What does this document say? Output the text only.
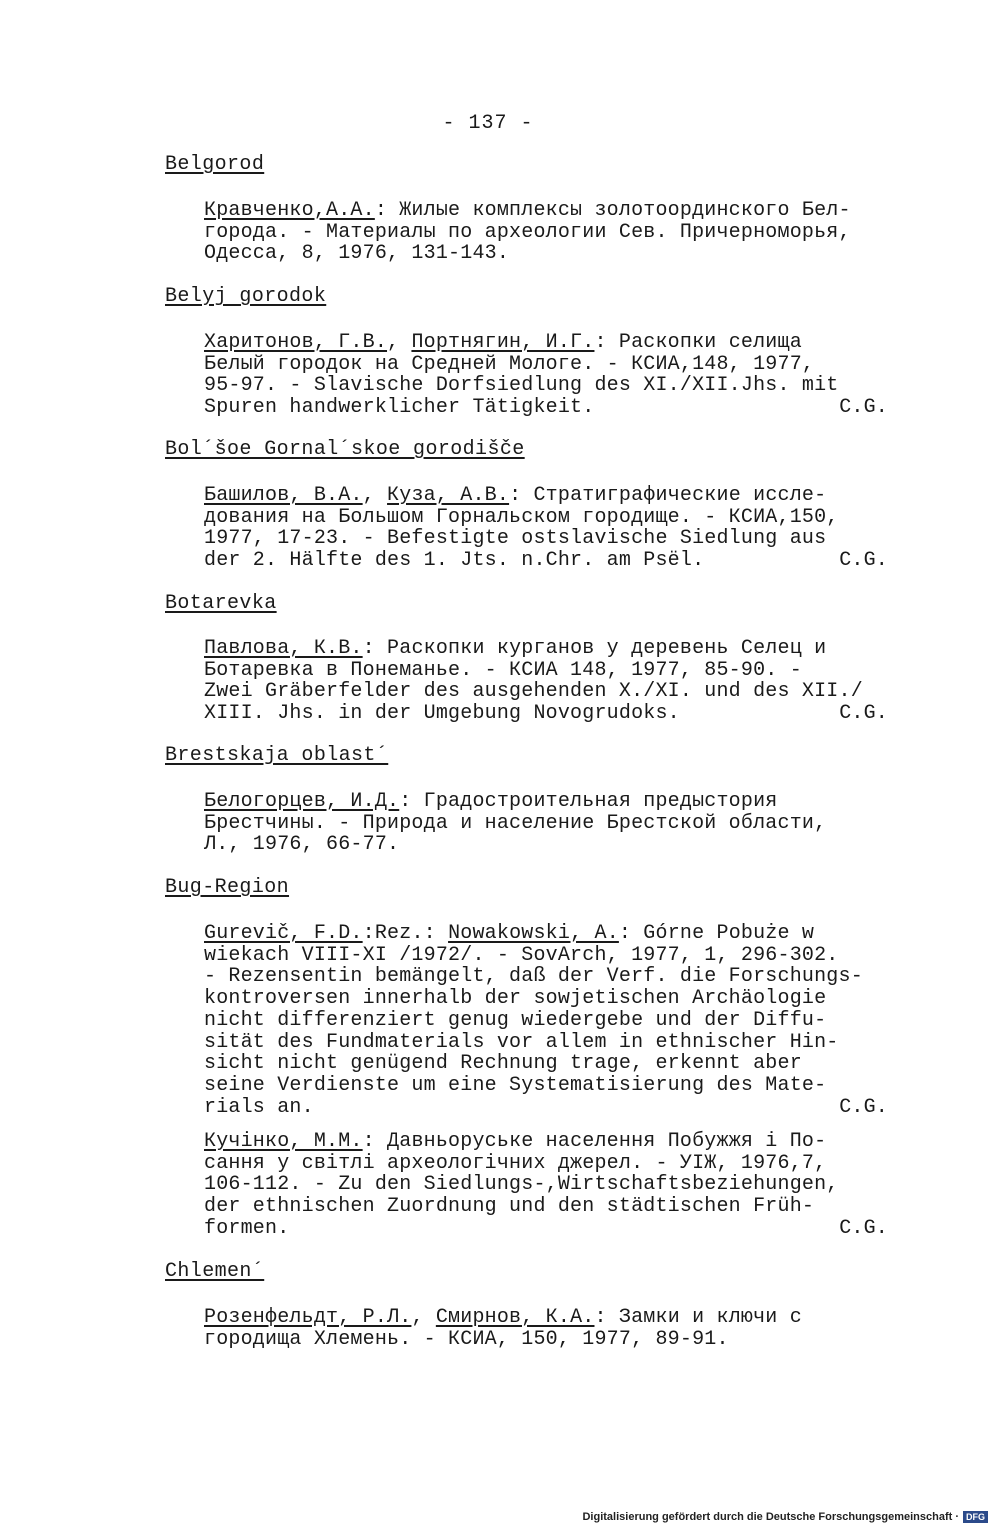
- 137 -
Belgorod
Кравченко,А.А.: Жилые комплексы золотоординского Бел-
города. - Материалы по археологии Сев. Причерноморья,
Одесса, 8, 1976, 131-143.
Belyj gorodok
Харитонов, Г.В., Портнягин, И.Г.: Раскопки селища
Белый городок на Средней Мологе. - КСИА,148, 1977,
95-97. - Slavische Dorfsiedlung des XI./XII.Jhs. mit
Spuren handwerklicher Tätigkeit.	C.G.
Bol´šoe Gornal´skoe gorodišče
Башилов, В.А., Куза, А.В.: Стратиграфические иссле-
дования на Большом Горнальском городище. - КСИА,150,
1977, 17-23. - Befestigte ostslavische Siedlung aus
der 2. Hälfte des 1. Jts. n.Chr. am Psël.	C.G.
Botarevka
Павлова, К.В.: Раскопки курганов у деревень Селец и
Ботаревка в Понеманье. - КСИА 148, 1977, 85-90. -
Zwei Gräberfelder des ausgehenden X./XI. und des XII./
XIII. Jhs. in der Umgebung Novogrudoks.	C.G.
Brestskaja oblast´
Белогорцев, И.Д.: Градостроительная предыстория
Брестчины. - Природа и население Брестской области,
Л., 1976, 66-77.
Bug-Region
Gurevič, F.D.:Rez.: Nowakowski, A.: Górne Pobuże w
wiekach VIII-XI /1972/. - SovArch, 1977, 1, 296-302.
- Rezensentin bemängelt, daß der Verf. die Forschungs-
kontroversen innerhalb der sowjetischen Archäologie
nicht differenziert genug wiedergebe und der Diffu-
sität des Fundmaterials vor allem in ethnischer Hin-
sicht nicht genügend Rechnung trage, erkennt aber
seine Verdienste um eine Systematisierung des Mate-
rials an.	C.G.
Кучінко, М.М.: Давньоруське населення Побужжя і По-
сання у світлі археологічних джерел. - УІЖ, 1976,7,
106-112. - Zu den Siedlungs-,Wirtschaftsbeziehungen,
der ethnischen Zuordnung und den städtischen Früh-
formen.	C.G.
Chlemen´
Розенфельдт, Р.Л., Смирнов, К.А.: Замки и ключи с
городища Хлемень. - КСИА, 150, 1977, 89-91.
Digitalisierung gefördert durch die Deutsche Forschungsgemeinschaft · DFG
